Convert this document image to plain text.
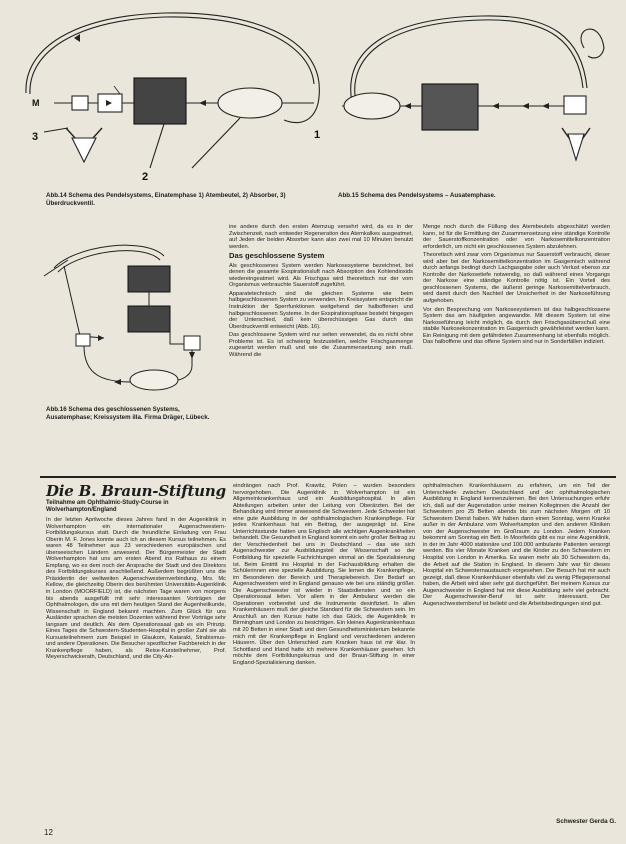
M
1
2
3
Abb.14 Schema des Pendelsystems, Einatemphase 1) Atembeutel, 2) Absorber, 3) Überdruckventil.
Abb.15 Schema des Pendelsystems – Ausatemphase.
Abb.16 Schema des geschlossenen Systems, Ausatemphase; Kreissystem illa. Firma Dräger, Lübeck.

ine andere durch den ersten Atemzug versehrt wird, da es in der Zwischenzeit, nach entweder Regeneration des Atemkalkes ausgeatmet, auf Jeden der beiden Absorber kann also zwei mal 10 Minuten benutzt werden.

Das geschlossene System

Als geschlossenes System werden Narkosesysteme bezeichnet, bei denen die gesamte Exspirationsluft nach Absorption des Kohlendioxids wiedereingeatmet wird. Als Frischgas wird theoretisch nur der vom Organismus verbrauchte Sauerstoff zugeführt.

Apparatetechnisch sind die gleichen Systeme wie beim halbgeschlossenen System zu verwenden. Im Kreissystem entspricht die Instruktion der Sperrfunktionen weitgehend der halboffenen und halbgeschlossenen Systeme. In der Exspirationsphase besteht hingegen der Unterschied, daß kein überschüssiges Gas durch das Überdruckventil entweicht (Abb. 16).

Das geschlossene System wird nur selten verwendet, da es nicht ohne Probleme ist. Es ist schwierig festzustellen, welche Frischgasmenge zugesetzt werden muß und wie die Zusammensetzung sein muß. Während die

Menge noch durch die Füllung des Atembeutels abgeschätzt werden kann, ist für die Ermittlung der Zusammensetzung eine ständige Kontrolle der Sauerstoffkonzentration oder von Narkosemittelkonzentration erforderlich, um nicht ein geschlossenes System abzulehnen.

Theoretisch wird zwar vom Organismus nur Sauerstoff verbraucht, dieser wird aber bei der Narkosemittelkonzentration im Gasgemisch während durch anfangs bedingt durch Lachgasgabe oder auch Verlust ebenso zur Kontrolle der Narkosetiefe notwendig, so daß während eines Vorgangs der Narkose eine ständige Kontrolle nötig ist. Ein Vorteil des geschlossenen Systems, die äußerst geringe Narkosemittelverbrauch, wird damit durch den Nachteil der Unsicherheit in der Narkoseführung aufgehoben.

Vor den Besprechung von Narkosesystemen ist das halbgeschlossene System das am häufigsten angewandte. Mit diesem System ist eine Narkoseführung leicht möglich, da durch den Frischgasüberschuß eine stabile Narkosekonzentration im Gasgemisch gewährleistet werden kann. Ein Reinigung mit dem gefährdeten Zusammenhang ist ebenfalls möglich. Das halboffene und das offene System sind nur in Sonderfällen indiziert.

Die B. Braun-Stiftung
Teilnahme am Ophthalmic-Study-Course in Wolverhampton/England
In der letzten Aprilwoche dieses Jahres fand in der Augenklinik in Wolverhampton ein internationaler Augenschwestern-Fortbildungskursus statt. Durch die freundliche Einladung von Frau Oberin M. F. Jones konnte auch ich an diesem Kursus teilnehmen. Es waren 48 Teilnehmer aus 23 verschiedenen europäischen und überseeischen Ländern anwesend. Der Bürgermeister der Stadt Wolverhampton hat uns am ersten Abend ins Rathaus zu einem Empfang, wo es dem noch der Ansprache der Stadt und des Direktors des Fortbildungskurses anschließend. Außerdem begrüßten uns die Präsidentin der weltweiten Augenschwesternverbindung, Mrs. Mc Kellow, die gleichzeitig Oberin des berühmten Universitäts-Augenklinik in London (MOORFIELD) ist, die nächsten Tage waren von morgens bis abends ausgefüllt mit sehr interessanten Vorträgen der Ophthalmologen, die uns mit dem heutigen Stand der Augenheilkunde, Wissenschaft in England bekannt machten. Zum Glück für uns Ausländer sprachen die meisten Dozenten während ihrer Vorträge sehr langsam und deutlich. Als dem Operationssaal gab es ein Prinzip. Eines Tages die Schwestern-Studenten-Hospital in großer Zahl sie als Kursusteilnehmern zum Beispiel in Glaukom, Katarakt, Strabismus- und andere Operationen. Die Besucher spezifischer Fachbereich in der Krankenpflege haben, als Reise-Kursteilnehmer, Prof. Meyerschwickerath, Deutschland, und die City-Air-
eindrängen nach Prof. Krawitz, Polen – wurden besonders hervorgehoben. Die Augenklinik in Wolverhampton ist ein Allgemeinkrankenhaus und ein Ausbildungshospital. In allen Abteilungen arbeiten unter der Leitung von Oberärzten. Bei der Behandlung wird immer anwesend die Schwestern. Jede Schwester hat eine gute Ausbildung in der ophthalmologischen Krankenpflege. Für jedes Krankenhaus hat ein Beitrag, der ausgeprägt ist. Eine Unterrichtsstunde hatten uns Englisch alle wichtigen Augenkrankheiten behandelt. Die Gesundheit in England kommt ein sehr großer Beitrag zu der Verschiedenheit bei uns in Deutschland – das wie sich Augenschwester zur Ausbildungsteil der Wissenschaft so der Fortbildung für spezielle Fachrichtungen einmal an die Spezialisierung ist. Beim Eintritt ins Hospital in der Fachausbildung erhalten die Schülerinnen eine spezielle Ausbildung. Sie lernen die Krankenpflege, im Besonderen der Bereich und Therapiebereich. Der Bedarf an Augenschwestern wird in England genauso wie bei uns ständig größer. Die Augenschwester ist wieder in Staatsdiensten und so ein Operationssaal leiten. Vor allem in der Ambulanz werden die Operationen vorbereitet und die Instrumente desinfiziert. In allen Krankenhäusern muß der gleiche Standard für die Schwestern sein. Im Anschluß an den Kursus hatte ich das Glück, die Augenklinik in Birmingham und London zu besichtigen. Ein kleines Augenkrankenhaus mit 20 Betten in einer Stadt und dem Gesundheitsministerium bekannte mich mit der Krankenpflege in England und verschiedenen anderen Häusern. Über den Unterschied zum Kranken haus ist mir klar. In Schottland und Irland hatte ich mehrere Krankenhäuser gesehen. Ich möchte dem Fortbildungskursus und der Braun-Stiftung in einer England-Spezialisierung danken.
ophthalmischen Krankenhäusern zu erfahren, um ein Teil der Unterschiede zwischen Deutschland und der ophthalmologischen Ausbildung in England kennenzulernen. Bei den Untersuchungen erfuhr ich, daß auf der Augenstation unter meinen Kolleginnen die Anzahl der Schwestern pro 25 Betten abends bis zum nächsten Morgen oft 10 Schwestern Dienst haben. Wir haben dann einen Sonntag, wenn Kranke außer in der Ambulanz vom Wolverhampton und den anderen Kliniken von der Augenschwester im Großraum zu London. Jedem Kranken bekommt am Sonntag ein Bett. In Moorfields gibt es nur eine Augenklinik, in der im Jahr 4000 stationäre und 100.000 ambulante Patienten versorgt werden. Bis vier Monate Kranken und die Kinder zu den Schwestern im Hospital von London in Amerika. Es waren mehr als 30 Schwestern da, die Arbeit auf die Station in England. In diesem Jahr war für dieses Hospital ein Schwesternaustausch vorgesehen. Der Besuch hat mir auch gezeigt, daß diese Krankenhäuser ebenfalls viel zu wenig Pflegepersonal haben, die Arbeit wird aber sehr gut durchgeführt. Bei meinem Kursus zur Augenschwester in England hat mir diese Ausbildung sehr viel gebracht. Der Augenschwester-Beruf ist sehr interessant. Der Augenschwesternberuf ist beliebt und die Arbeitsbedingungen sind gut.
Schwester Gerda G.
12
